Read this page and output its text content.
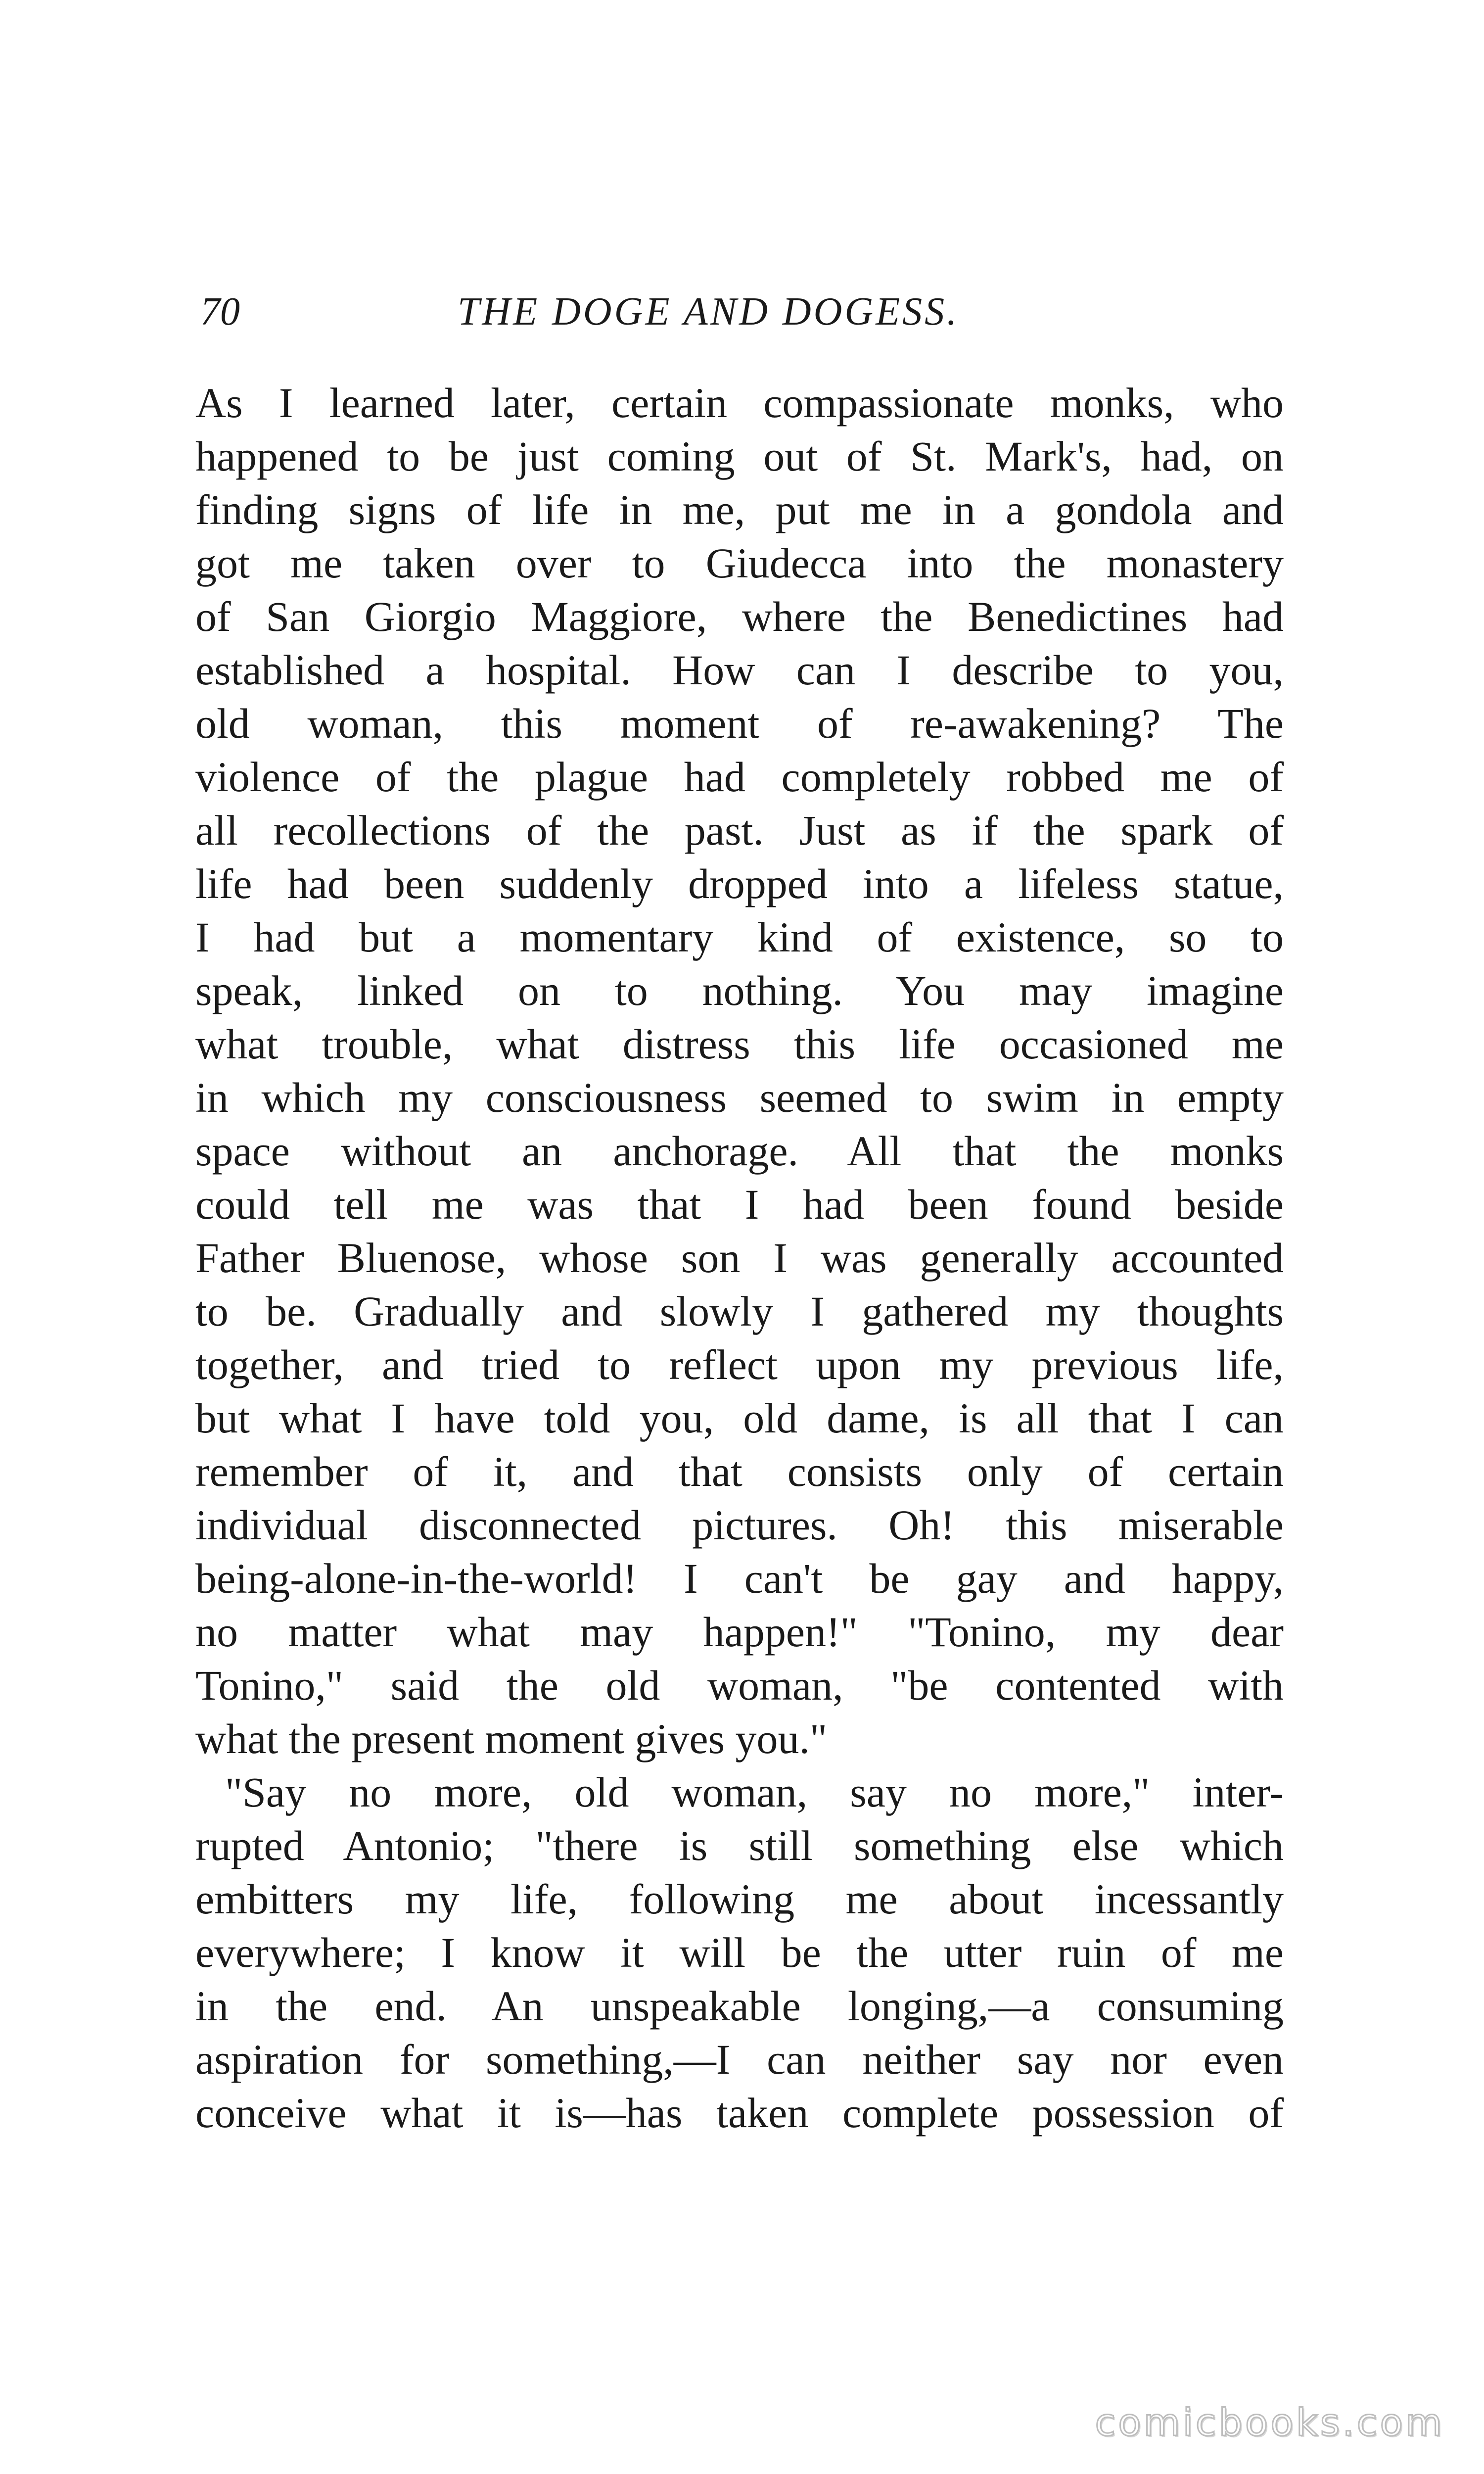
70	THE DOGE AND DOGESS.
As I learned later, certain compassionate monks, who
happened to be just coming out of St. Mark's, had, on
finding signs of life in me, put me in a gondola and
got me taken over to Giudecca into the monastery
of San Giorgio Maggiore, where the Benedictines had
established a hospital. How can I describe to you,
old woman, this moment of re-awakening? The
violence of the plague had completely robbed me of
all recollections of the past. Just as if the spark of
life had been suddenly dropped into a lifeless statue,
I had but a momentary kind of existence, so to
speak, linked on to nothing. You may imagine
what trouble, what distress this life occasioned me
in which my consciousness seemed to swim in empty
space without an anchorage. All that the monks
could tell me was that I had been found beside
Father Bluenose, whose son I was generally accounted
to be. Gradually and slowly I gathered my thoughts
together, and tried to reflect upon my previous life,
but what I have told you, old dame, is all that I can
remember of it, and that consists only of certain
individual disconnected pictures. Oh! this miserable
being-alone-in-the-world! I can't be gay and happy,
no matter what may happen!" "Tonino, my dear
Tonino," said the old woman, "be contented with
what the present moment gives you."
"Say no more, old woman, say no more," inter-
rupted Antonio; "there is still something else which
embitters my life, following me about incessantly
everywhere; I know it will be the utter ruin of me
in the end. An unspeakable longing,—a consuming
aspiration for something,—I can neither say nor even
conceive what it is—has taken complete possession of
comicbooks.com
